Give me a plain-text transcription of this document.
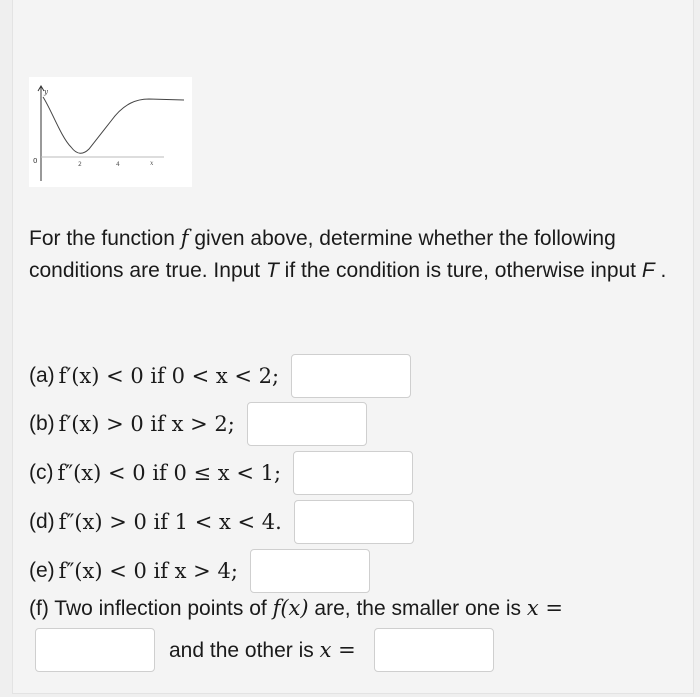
y
0	2	4	x
For the function f given above, determine whether the following conditions are true. Input T if the condition is ture, otherwise input F .
(a) f′(x) < 0 if 0 < x < 2;
(b) f′(x) > 0 if x > 2;
(c) f″(x) < 0 if 0 ≤ x < 1;
(d) f″(x) > 0 if 1 < x < 4.
(e) f″(x) < 0 if x > 4;
(f) Two inflection points of f(x) are, the smaller one is x =
and the other is x =
